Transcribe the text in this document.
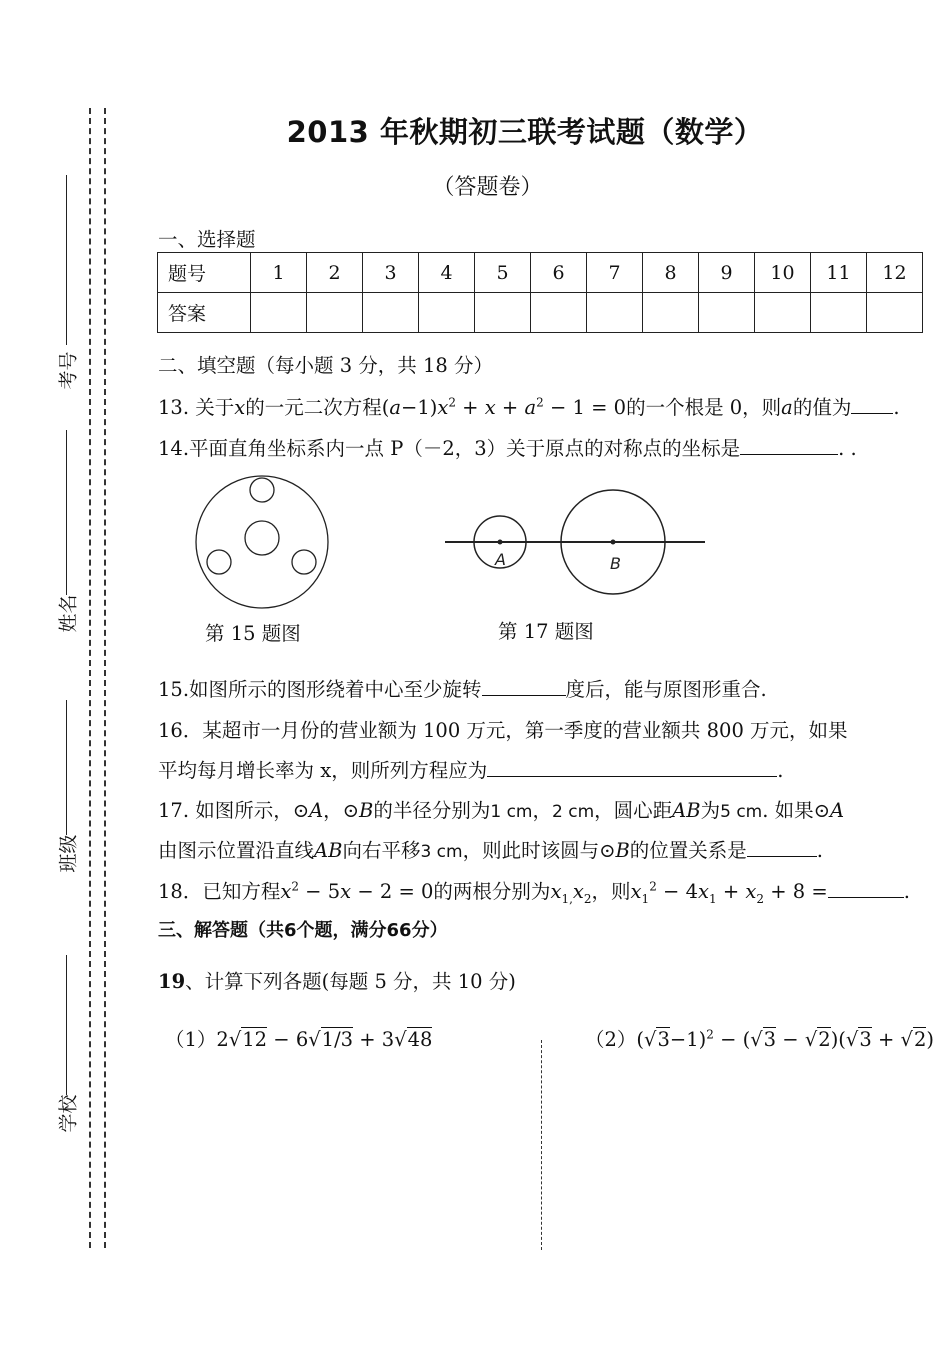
考号
姓名
班级
学校
2013 年秋期初三联考试题（数学）
（答题卷）
一、选择题
题号	1	2	3	4	5	6	7	8	9	10	11	12
答案												
二、填空题（每小题 3 分，共 18 分）
13. 关于x的一元二次方程$(a-1)x^2 + x + a^2 - 1 = 0$的一个根是 0，则a的值为 .
14.平面直角坐标系内一点 P（－2，3）关于原点的对称点的坐标是	. .
第 15 题图
A	B
第 17 题图
15.如图所示的图形绕着中心至少旋转	度后，能与原图形重合.
16．某超市一月份的营业额为 100 万元，第一季度的营业额共 800 万元，如果
平均每月增长率为 x，则所列方程应为	.
17. 如图所示，⊙A，⊙B的半径分别为1 cm，2 cm，圆心距AB为5 cm. 如果⊙A
由图示位置沿直线AB向右平移3 cm，则此时该圆与⊙B的位置关系是	.
18．已知方程$x^2 - 5x - 2 = 0$的两根分别为$x_{1,}x_2$，则$x_1^2 - 4x_1 + x_2 + 8$ =	.
三、解答题（共6个题，满分66分）
19、计算下列各题(每题 5 分，共 10 分)
（1）2√12 − 6√1/3 + 3√48	$(2)(√3-1)^2 - (√3 - √2)(√3 + √2)$
